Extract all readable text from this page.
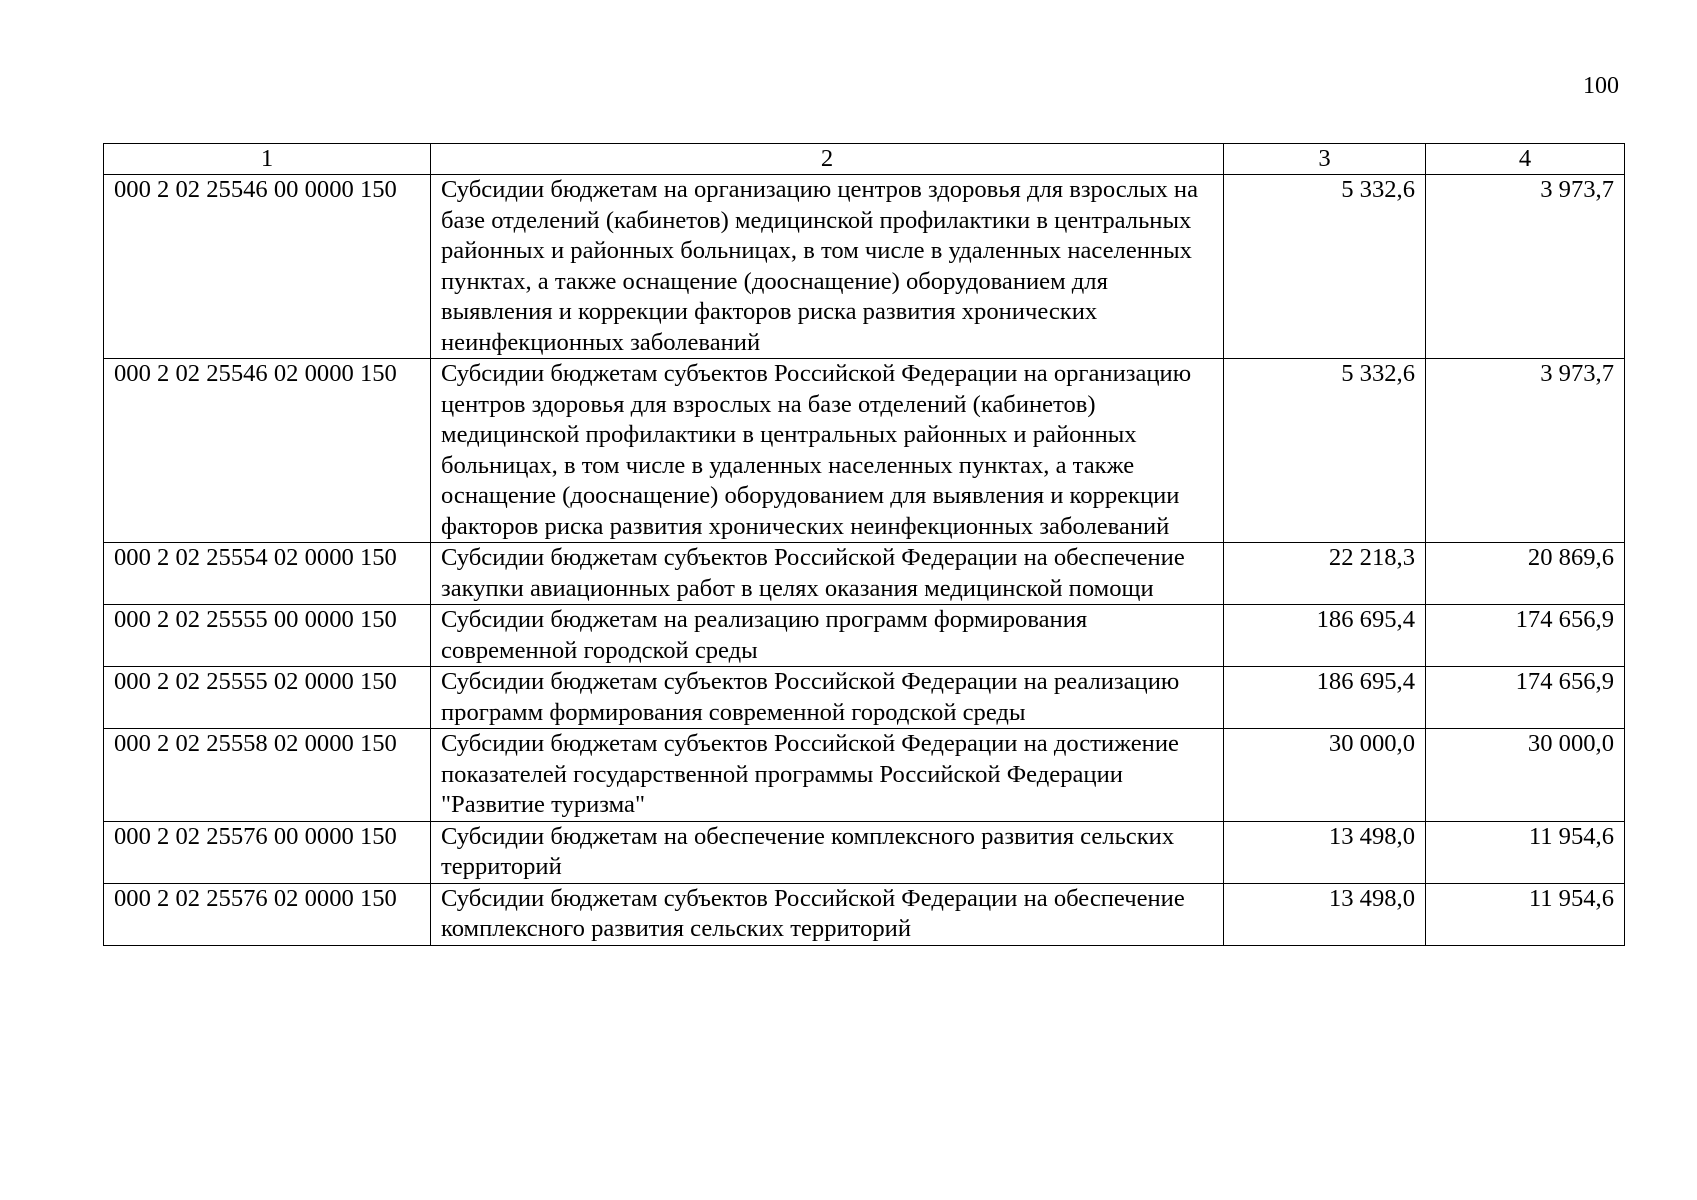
100
1	2	3	4
000 2 02 25546 00 0000 150	Субсидии бюджетам на организацию центров здоровья для взрослых на базе отделений (кабинетов) медицинской профилактики в центральных районных и районных больницах, в том числе в удаленных населенных пунктах, а также оснащение (дооснащение) оборудованием для выявления и коррекции факторов риска развития хронических неинфекционных заболеваний	5 332,6	3 973,7
000 2 02 25546 02 0000 150	Субсидии бюджетам субъектов Российской Федерации на организацию центров здоровья для взрослых на базе отделений (кабинетов) медицинской профилактики в центральных районных и районных больницах, в том числе в удаленных населенных пунктах, а также оснащение (дооснащение) оборудованием для выявления и коррекции факторов риска развития хронических неинфекционных заболеваний	5 332,6	3 973,7
000 2 02 25554 02 0000 150	Субсидии бюджетам субъектов Российской Федерации на обеспечение закупки авиационных работ в целях оказания медицинской помощи	22 218,3	20 869,6
000 2 02 25555 00 0000 150	Субсидии бюджетам на реализацию программ формирования современной городской среды	186 695,4	174 656,9
000 2 02 25555 02 0000 150	Субсидии бюджетам субъектов Российской Федерации на реализацию программ формирования современной городской среды	186 695,4	174 656,9
000 2 02 25558 02 0000 150	Субсидии бюджетам субъектов Российской Федерации на достижение показателей государственной программы Российской Федерации "Развитие туризма"	30 000,0	30 000,0
000 2 02 25576 00 0000 150	Субсидии бюджетам на обеспечение комплексного развития сельских территорий	13 498,0	11 954,6
000 2 02 25576 02 0000 150	Субсидии бюджетам субъектов Российской Федерации на обеспечение комплексного развития сельских территорий	13 498,0	11 954,6
